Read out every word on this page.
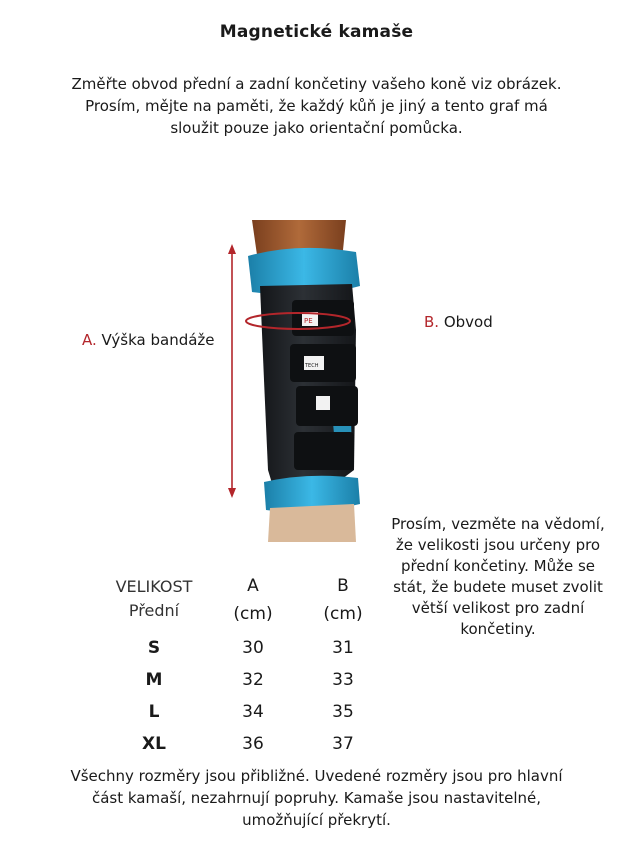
Magnetické kamaše
Změřte obvod přední a zadní končetiny vašeho koně viz obrázek.
Prosím, mějte na paměti, že každý kůň je jiný a tento graf má
sloužit pouze jako orientační pomůcka.
A. Výška bandáže
B. Obvod
PE
TECH
Prosím, vezměte na vědomí,
že velikosti jsou určeny pro
přední končetiny. Může se
stát, že budete muset zvolit
větší velikost pro zadní
končetiny.
VELIKOST
Přední	A	B
	(cm)	(cm)
S	30	31
M	32	33
L	34	35
XL	36	37
Všechny rozměry jsou přibližné. Uvedené rozměry jsou pro hlavní
část kamaší, nezahrnují popruhy. Kamaše jsou nastavitelné,
umožňující překrytí.
